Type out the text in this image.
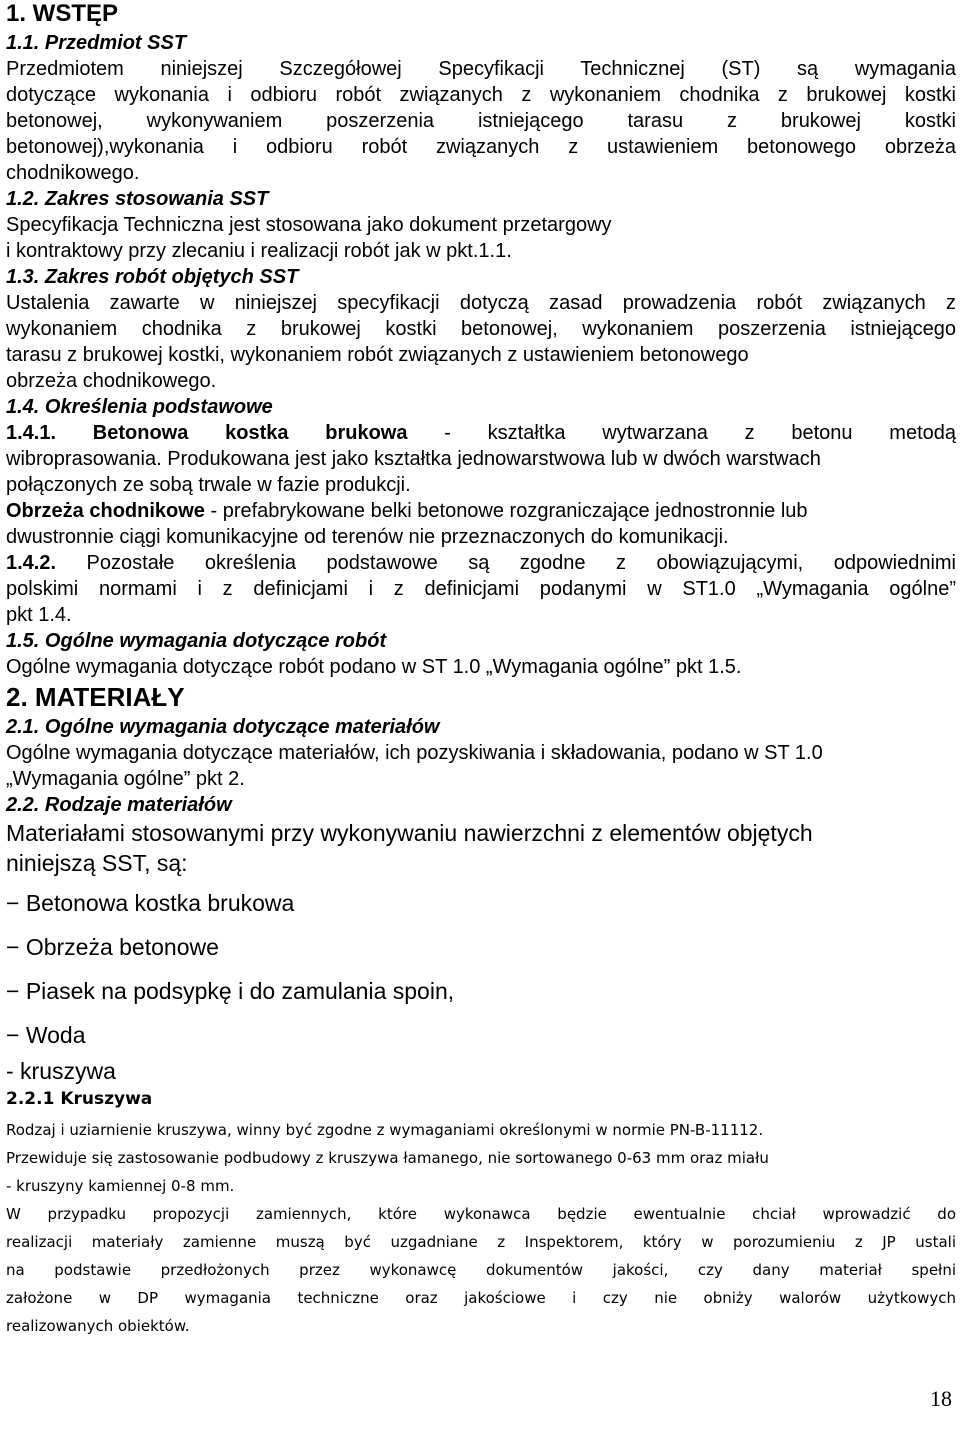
1. WSTĘP
1.1. Przedmiot SST
Przedmiotem niniejszej Szczegółowej Specyfikacji Technicznej (ST) są wymagania
dotyczące wykonania i odbioru robót związanych z wykonaniem chodnika z brukowej kostki
betonowej, wykonywaniem poszerzenia istniejącego tarasu z brukowej kostki
betonowej),wykonania i odbioru robót związanych z ustawieniem betonowego obrzeża
chodnikowego.
1.2. Zakres stosowania SST
Specyfikacja Techniczna jest stosowana jako dokument przetargowy
i kontraktowy przy zlecaniu i realizacji robót jak w pkt.1.1.
1.3. Zakres robót objętych SST
Ustalenia zawarte w niniejszej specyfikacji dotyczą zasad prowadzenia robót związanych z
wykonaniem chodnika z brukowej kostki betonowej, wykonaniem poszerzenia istniejącego
tarasu z brukowej kostki, wykonaniem robót związanych z ustawieniem betonowego
obrzeża chodnikowego.
1.4. Określenia podstawowe
1.4.1. Betonowa kostka brukowa - kształtka wytwarzana z betonu metodą
wibroprasowania. Produkowana jest jako kształtka jednowarstwowa lub w dwóch warstwach
połączonych ze sobą trwale w fazie produkcji.
Obrzeża chodnikowe - prefabrykowane belki betonowe rozgraniczające jednostronnie lub
dwustronnie ciągi komunikacyjne od terenów nie przeznaczonych do komunikacji.
1.4.2. Pozostałe określenia podstawowe są zgodne z obowiązującymi, odpowiednimi
polskimi normami i z definicjami i z definicjami podanymi w ST1.0 „Wymagania ogólne”
pkt 1.4.
1.5. Ogólne wymagania dotyczące robót
Ogólne wymagania dotyczące robót podano w ST 1.0 „Wymagania ogólne” pkt 1.5.
2. MATERIAŁY
2.1. Ogólne wymagania dotyczące materiałów
Ogólne wymagania dotyczące materiałów, ich pozyskiwania i składowania, podano w ST 1.0
„Wymagania ogólne” pkt 2.
2.2. Rodzaje materiałów
Materiałami stosowanymi przy wykonywaniu nawierzchni z elementów objętych
niniejszą SST, są:
− Betonowa kostka brukowa
− Obrzeża betonowe
− Piasek na podsypkę i do zamulania spoin,
− Woda
- kruszywa
2.2.1 Kruszywa
Rodzaj i uziarnienie kruszywa, winny być zgodne z wymaganiami określonymi w normie PN-B-11112.
Przewiduje się zastosowanie podbudowy z kruszywa łamanego, nie sortowanego 0-63 mm oraz miału
- kruszyny kamiennej 0-8 mm.
W przypadku propozycji zamiennych, które wykonawca będzie ewentualnie chciał wprowadzić do
realizacji materiały zamienne muszą być uzgadniane z Inspektorem, który w porozumieniu z JP ustali
na podstawie przedłożonych przez wykonawcę dokumentów jakości, czy dany materiał spełni
założone w DP wymagania techniczne oraz jakościowe i czy nie obniży walorów użytkowych
realizowanych obiektów.
18
